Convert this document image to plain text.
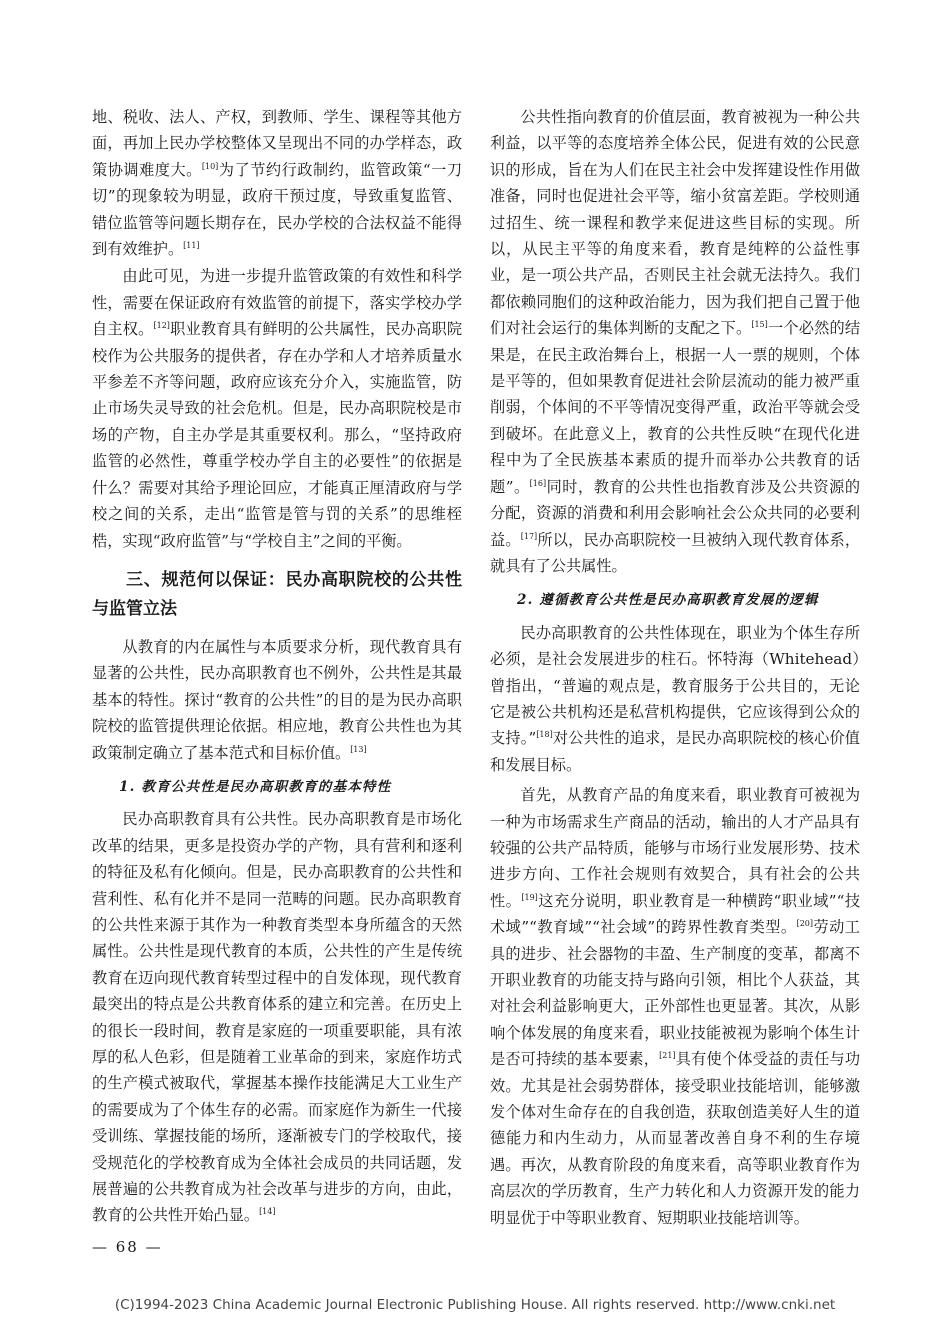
地、税收、法人、产权，到教师、学生、课程等其他方面，再加上民办学校整体又呈现出不同的办学样态，政策协调难度大。[10]为了节约行政制约，监管政策“一刀切”的现象较为明显，政府干预过度，导致重复监管、错位监管等问题长期存在，民办学校的合法权益不能得到有效维护。[11]

由此可见，为进一步提升监管政策的有效性和科学性，需要在保证政府有效监管的前提下，落实学校办学自主权。[12]职业教育具有鲜明的公共属性，民办高职院校作为公共服务的提供者，存在办学和人才培养质量水平参差不齐等问题，政府应该充分介入，实施监管，防止市场失灵导致的社会危机。但是，民办高职院校是市场的产物，自主办学是其重要权利。那么，“坚持政府监管的必然性，尊重学校办学自主的必要性”的依据是什么？需要对其给予理论回应，才能真正厘清政府与学校之间的关系，走出“监管是管与罚的关系”的思维桎梏，实现“政府监管”与“学校自主”之间的平衡。

三、规范何以保证：民办高职院校的公共性与监管立法

从教育的内在属性与本质要求分析，现代教育具有显著的公共性，民办高职教育也不例外，公共性是其最基本的特性。探讨“教育的公共性”的目的是为民办高职院校的监管提供理论依据。相应地，教育公共性也为其政策制定确立了基本范式和目标价值。[13]

1. 教育公共性是民办高职教育的基本特性

民办高职教育具有公共性。民办高职教育是市场化改革的结果，更多是投资办学的产物，具有营利和逐利的特征及私有化倾向。但是，民办高职教育的公共性和营利性、私有化并不是同一范畴的问题。民办高职教育的公共性来源于其作为一种教育类型本身所蕴含的天然属性。公共性是现代教育的本质，公共性的产生是传统教育在迈向现代教育转型过程中的自发体现，现代教育最突出的特点是公共教育体系的建立和完善。在历史上的很长一段时间，教育是家庭的一项重要职能，具有浓厚的私人色彩，但是随着工业革命的到来，家庭作坊式的生产模式被取代，掌握基本操作技能满足大工业生产的需要成为了个体生存的必需。而家庭作为新生一代接受训练、掌握技能的场所，逐渐被专门的学校取代，接受规范化的学校教育成为全体社会成员的共同话题，发展普遍的公共教育成为社会改革与进步的方向，由此，教育的公共性开始凸显。[14]

公共性指向教育的价值层面，教育被视为一种公共利益，以平等的态度培养全体公民，促进有效的公民意识的形成，旨在为人们在民主社会中发挥建设性作用做准备，同时也促进社会平等，缩小贫富差距。学校则通过招生、统一课程和教学来促进这些目标的实现。所以，从民主平等的角度来看，教育是纯粹的公益性事业，是一项公共产品，否则民主社会就无法持久。我们都依赖同胞们的这种政治能力，因为我们把自己置于他们对社会运行的集体判断的支配之下。[15]一个必然的结果是，在民主政治舞台上，根据一人一票的规则，个体是平等的，但如果教育促进社会阶层流动的能力被严重削弱，个体间的不平等情况变得严重，政治平等就会受到破坏。在此意义上，教育的公共性反映“在现代化进程中为了全民族基本素质的提升而举办公共教育的话题”。[16]同时，教育的公共性也指教育涉及公共资源的分配，资源的消费和利用会影响社会公众共同的必要利益。[17]所以，民办高职院校一旦被纳入现代教育体系，就具有了公共属性。

2. 遵循教育公共性是民办高职教育发展的逻辑

民办高职教育的公共性体现在，职业为个体生存所必须，是社会发展进步的柱石。怀特海（Whitehead）曾指出，“普遍的观点是，教育服务于公共目的，无论它是被公共机构还是私营机构提供，它应该得到公众的支持。”[18]对公共性的追求，是民办高职院校的核心价值和发展目标。

首先，从教育产品的角度来看，职业教育可被视为一种为市场需求生产商品的活动，输出的人才产品具有较强的公共产品特质，能够与市场行业发展形势、技术进步方向、工作社会规则有效契合，具有社会的公共性。[19]这充分说明，职业教育是一种横跨“职业域”“技术域”“教育域”“社会域”的跨界性教育类型。[20]劳动工具的进步、社会器物的丰盈、生产制度的变革，都离不开职业教育的功能支持与路向引领，相比个人获益，其对社会利益影响更大，正外部性也更显著。其次，从影响个体发展的角度来看，职业技能被视为影响个体生计是否可持续的基本要素，[21]具有使个体受益的责任与功效。尤其是社会弱势群体，接受职业技能培训，能够激发个体对生命存在的自我创造，获取创造美好人生的道德能力和内生动力，从而显著改善自身不利的生存境遇。再次，从教育阶段的角度来看，高等职业教育作为高层次的学历教育，生产力转化和人力资源开发的能力明显优于中等职业教育、短期职业技能培训等。

— 68 —
(C)1994-2023 China Academic Journal Electronic Publishing House. All rights reserved. http://www.cnki.net
